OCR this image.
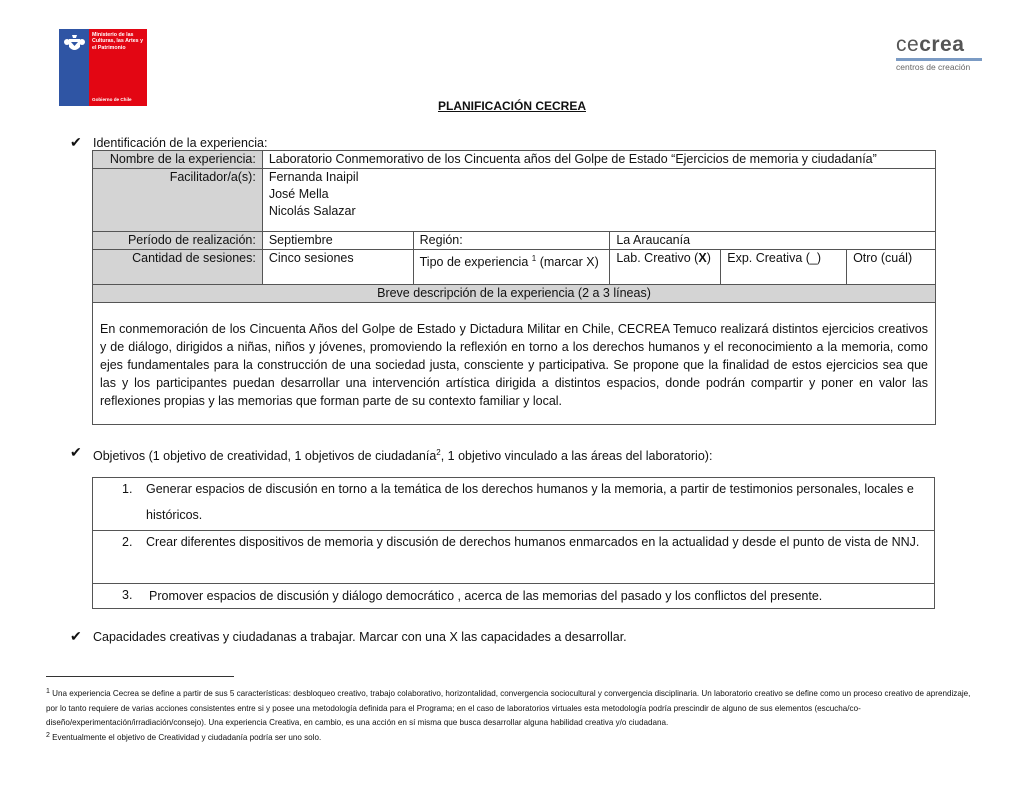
Ministerio de las Culturas, las Artes y el Patrimonio
Gobierno de Chile
cecrea
centros de creación
PLANIFICACIÓN CECREA
✔ Identificación de la experiencia:
Nombre de la experiencia:	Laboratorio Conmemorativo de los Cincuenta años del Golpe de Estado “Ejercicios de memoria y ciudadanía”				
Facilitador/a(s):	Fernanda Inaipil
José Mella
Nicolás Salazar				

Período de realización:	Septiembre	Región:	La Araucanía		
Cantidad de sesiones:	Cinco sesiones	Tipo de experiencia $^1$ (marcar X)	Lab. Creativo (X)	Exp. Creativa (_)	Otro (cuál)
Breve descripción de la experiencia (2 a 3 líneas)					
En conmemoración de los Cincuenta Años del Golpe de Estado y Dictadura Militar en Chile, CECREA Temuco realizará distintos ejercicios creativos y de diálogo, dirigidos a niñas, niños y jóvenes, promoviendo la reflexión en torno a los derechos humanos y el reconocimiento a la memoria, como ejes fundamentales para la construcción de una sociedad justa, consciente y participativa. Se propone que la finalidad de estos ejercicios sea que las y los participantes puedan desarrollar una intervención artística dirigida a distintos espacios, donde podrán compartir y poner en valor las reflexiones propias y las memorias que forman parte de su contexto familiar y local.					
✔ Objetivos (1 objetivo de creatividad, 1 objetivos de ciudadanía$^2$, 1 objetivo vinculado a las áreas del laboratorio):
1. Generar espacios de discusión en torno a la temática de los derechos humanos y la memoria, a partir de testimonios personales, locales e históricos.
2. Crear diferentes dispositivos de memoria y discusión de derechos humanos enmarcados en la actualidad y desde el punto de vista de NNJ.
3. Promover espacios de discusión y diálogo democrático , acerca de las memorias del pasado y los conflictos del presente.
✔ Capacidades creativas y ciudadanas a trabajar. Marcar con una X las capacidades a desarrollar.
$^1$ Una experiencia Cecrea se define a partir de sus 5 características: desbloqueo creativo, trabajo colaborativo, horizontalidad, convergencia sociocultural y convergencia disciplinaria. Un laboratorio creativo se define como un proceso creativo de aprendizaje, por lo tanto requiere de varias acciones consistentes entre si y posee una metodología definida para el Programa; en el caso de laboratorios virtuales esta metodología podría prescindir de alguno de sus elementos (escucha/co-diseño/experimentación/irradiación/consejo). Una experiencia Creativa, en cambio, es una acción en sí misma que busca desarrollar alguna habilidad creativa y/o ciudadana.
$^2$ Eventualmente el objetivo de Creatividad y ciudadanía podría ser uno solo.
